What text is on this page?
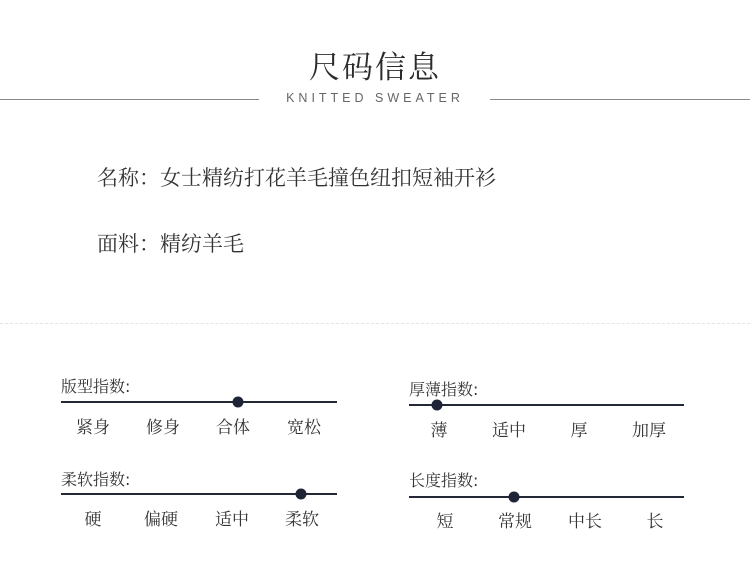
尺码信息
KNITTED SWEATER
名称：女士精纺打花羊毛撞色纽扣短袖开衫
面料：精纺羊毛
版型指数:
紧身	修身	合体	宽松
厚薄指数:
薄	适中	厚	加厚
柔软指数:
硬	偏硬	适中	柔软
长度指数:
短	常规	中长	长
